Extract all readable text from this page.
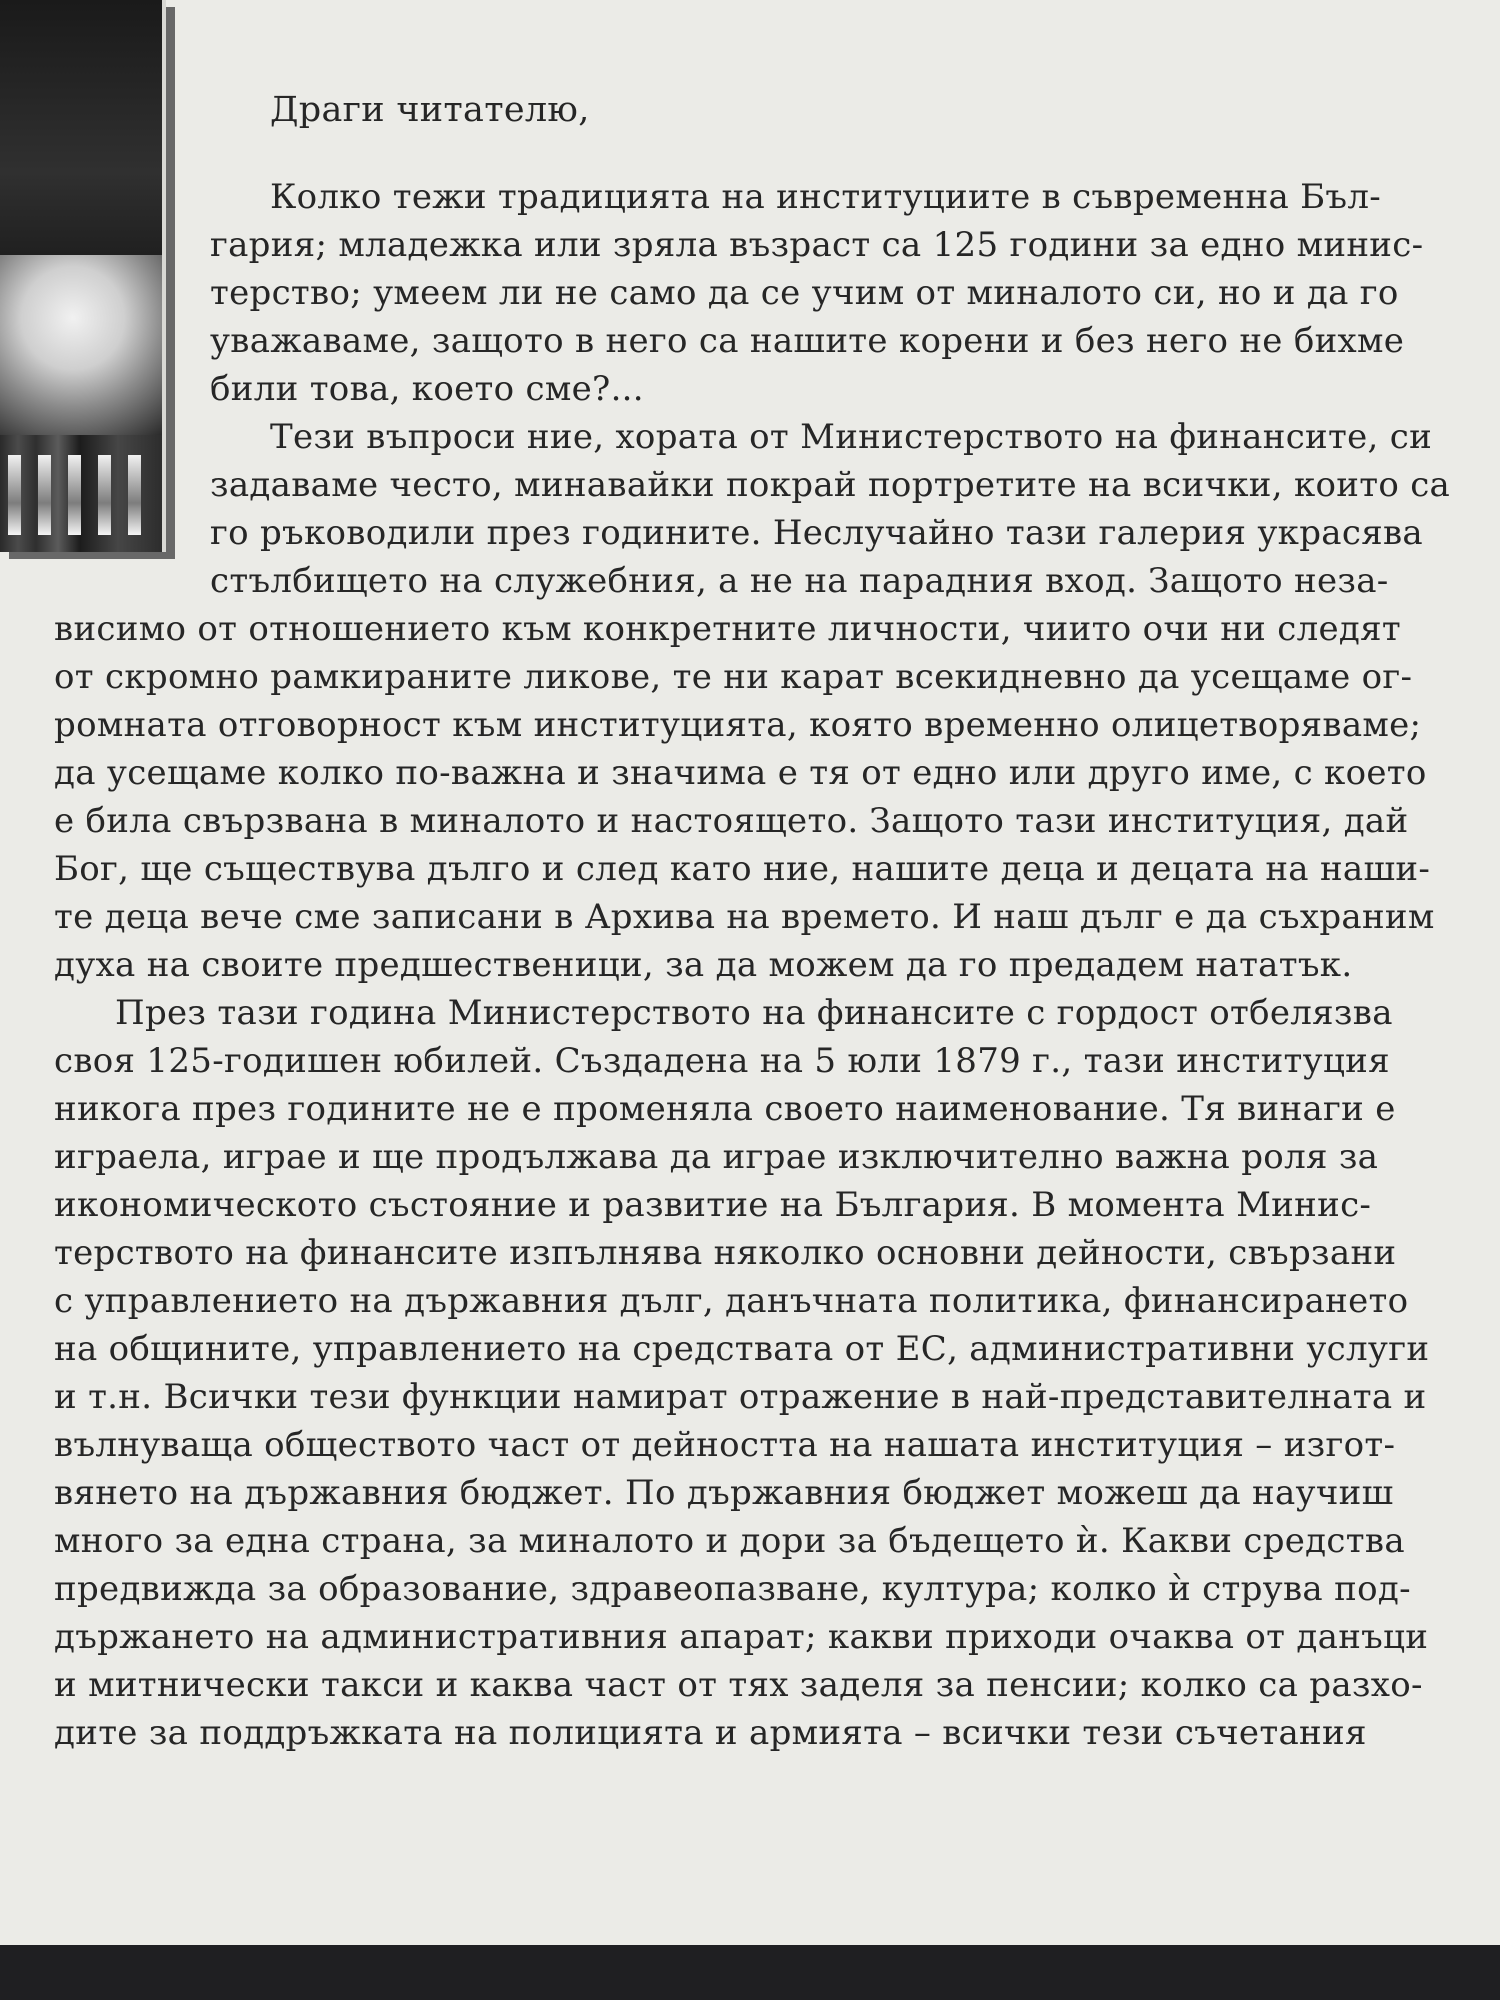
Драги читателю,
Колко тежи традицията на институциите в съвременна Бъл-
гария; младежка или зряла възраст са 125 години за едно минис-
терство; умеем ли не само да се учим от миналото си, но и да го
уважаваме, защото в него са нашите корени и без него не бихме
били това, което сме?...
Тези въпроси ние, хората от Министерството на финансите, си
задаваме често, минавайки покрай портретите на всички, които са
го ръководили през годините. Неслучайно тази галерия украсява
стълбището на служебния, а не на парадния вход. Защото неза-
висимо от отношението към конкретните личности, чиито очи ни следят
от скромно рамкираните ликове, те ни карат всекидневно да усещаме ог-
ромната отговорност към институцията, която временно олицетворяваме;
да усещаме колко по-важна и значима е тя от едно или друго име, с което
е била свързвана в миналото и настоящето. Защото тази институция, дай
Бог, ще съществува дълго и след като ние, нашите деца и децата на наши-
те деца вече сме записани в Архива на времето. И наш дълг е да съхраним
духа на своите предшественици, за да можем да го предадем нататък.
През тази година Министерството на финансите с гордост отбелязва
своя 125-годишен юбилей. Създадена на 5 юли 1879 г., тази институция
никога през годините не е променяла своето наименование. Тя винаги е
играела, играе и ще продължава да играе изключително важна роля за
икономическото състояние и развитие на България. В момента Минис-
терството на финансите изпълнява няколко основни дейности, свързани
с управлението на държавния дълг, данъчната политика, финансирането
на общините, управлението на средствата от ЕС, административни услуги
и т.н. Всички тези функции намират отражение в най-представителната и
вълнуваща обществото част от дейността на нашата институция – изгот-
вянето на държавния бюджет. По държавния бюджет можеш да научиш
много за една страна, за миналото и дори за бъдещето ѝ. Какви средства
предвижда за образование, здравеопазване, култура; колко ѝ струва под-
държането на административния апарат; какви приходи очаква от данъци
и митнически такси и каква част от тях заделя за пенсии; колко са разхо-
дите за поддръжката на полицията и армията – всички тези съчетания
